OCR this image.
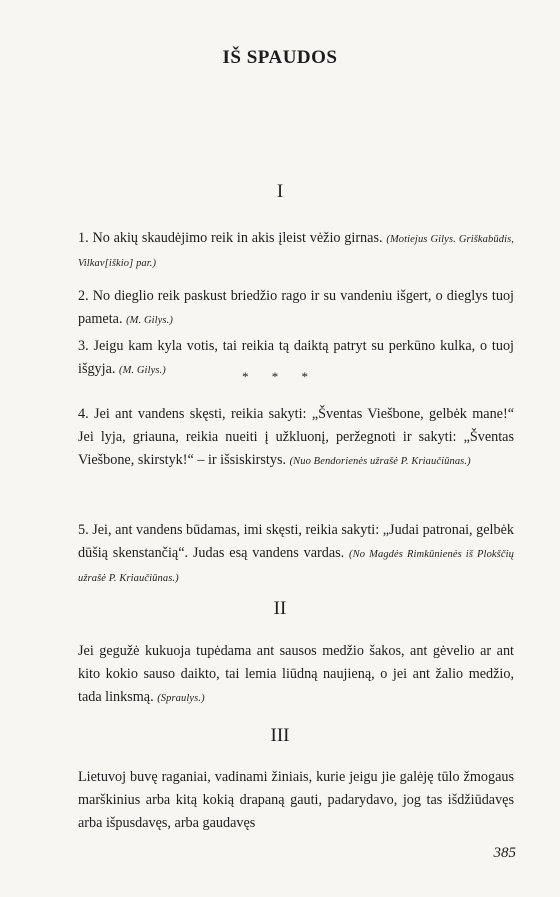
IŠ SPAUDOS
I
1. No akių skaudėjimo reik in akis įleist vėžio girnas. (Motiejus Gilys. Griškabūdis, Vilkav[iškio] par.)
2. No dieglio reik paskust briedžio rago ir su vandeniu išgert, o dieglys tuoj pameta. (M. Gilys.)
3. Jeigu kam kyla votis, tai reikia tą daiktą patryt su perkūno kulka, o tuoj išgyja. (M. Gilys.)	* * *
4. Jei ant vandens skęsti, reikia sakyti: „Šventas Viešbone, gelbėk mane!“ Jei lyja, griauna, reikia nueiti į užkluonį, peržegnoti ir sakyti: „Šventas Viešbone, skirstyk!“ – ir išsiskirstys. (Nuo Bendorienės užrašė P. Kriaučiūnas.)
5. Jei, ant vandens būdamas, imi skęsti, reikia sakyti: „Judai patronai, gelbėk dūšią skenstančią“. Judas esą vandens vardas. (No Magdės Rimkūnienės iš Plokščių užrašė P. Kriaučiūnas.)
II
Jei gegužė kukuoja tupėdama ant sausos medžio šakos, ant gėvelio ar ant kito kokio sauso daikto, tai lemia liūdną naujieną, o jei ant žalio medžio, tada linksmą. (Spraulys.)
III
Lietuvoj buvę raganiai, vadinami žiniais, kurie jeigu jie galėję tūlo žmogaus marškinius arba kitą kokią drapaną gauti, padarydavo, jog tas išdžiūdavęs arba išpusdavęs, arba gaudavęs
385
